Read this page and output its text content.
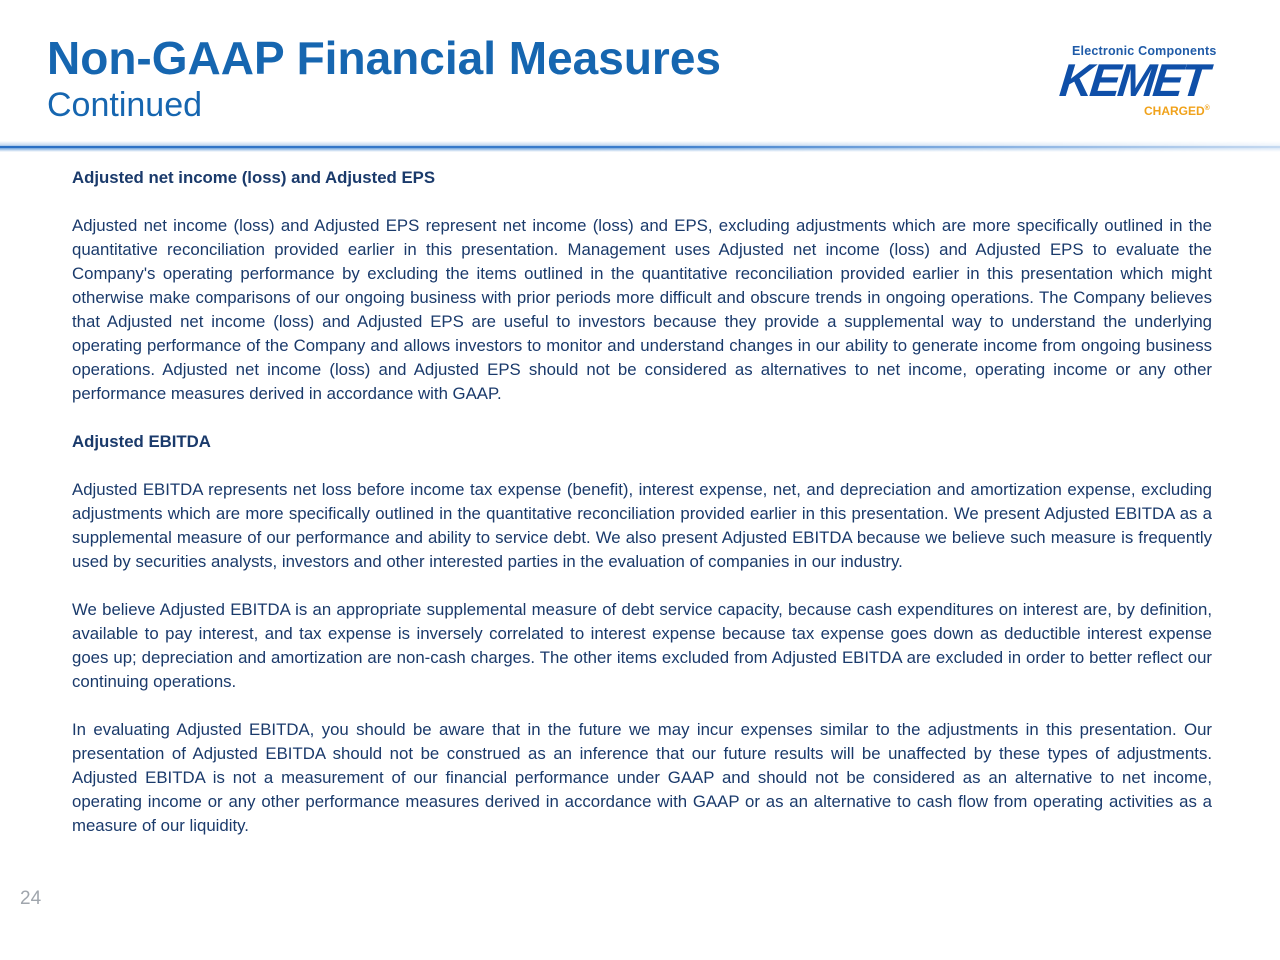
Non-GAAP Financial Measures
Continued
Electronic Components
KEMET
CHARGED®
Adjusted net income (loss) and Adjusted EPS

Adjusted net income (loss) and Adjusted EPS represent net income (loss) and EPS, excluding adjustments which are more specifically outlined in the quantitative reconciliation provided earlier in this presentation. Management uses Adjusted net income (loss) and Adjusted EPS to evaluate the Company's operating performance by excluding the items outlined in the quantitative reconciliation provided earlier in this presentation which might otherwise make comparisons of our ongoing business with prior periods more difficult and obscure trends in ongoing operations. The Company believes that Adjusted net income (loss) and Adjusted EPS are useful to investors because they provide a supplemental way to understand the underlying operating performance of the Company and allows investors to monitor and understand changes in our ability to generate income from ongoing business operations. Adjusted net income (loss) and Adjusted EPS should not be considered as alternatives to net income, operating income or any other performance measures derived in accordance with GAAP.

Adjusted EBITDA

Adjusted EBITDA represents net loss before income tax expense (benefit), interest expense, net, and depreciation and amortization expense, excluding adjustments which are more specifically outlined in the quantitative reconciliation provided earlier in this presentation. We present Adjusted EBITDA as a supplemental measure of our performance and ability to service debt. We also present Adjusted EBITDA because we believe such measure is frequently used by securities analysts, investors and other interested parties in the evaluation of companies in our industry.

We believe Adjusted EBITDA is an appropriate supplemental measure of debt service capacity, because cash expenditures on interest are, by definition, available to pay interest, and tax expense is inversely correlated to interest expense because tax expense goes down as deductible interest expense goes up; depreciation and amortization are non-cash charges. The other items excluded from Adjusted EBITDA are excluded in order to better reflect our continuing operations.

In evaluating Adjusted EBITDA, you should be aware that in the future we may incur expenses similar to the adjustments in this presentation. Our presentation of Adjusted EBITDA should not be construed as an inference that our future results will be unaffected by these types of adjustments. Adjusted EBITDA is not a measurement of our financial performance under GAAP and should not be considered as an alternative to net income, operating income or any other performance measures derived in accordance with GAAP or as an alternative to cash flow from operating activities as a measure of our liquidity.

24
